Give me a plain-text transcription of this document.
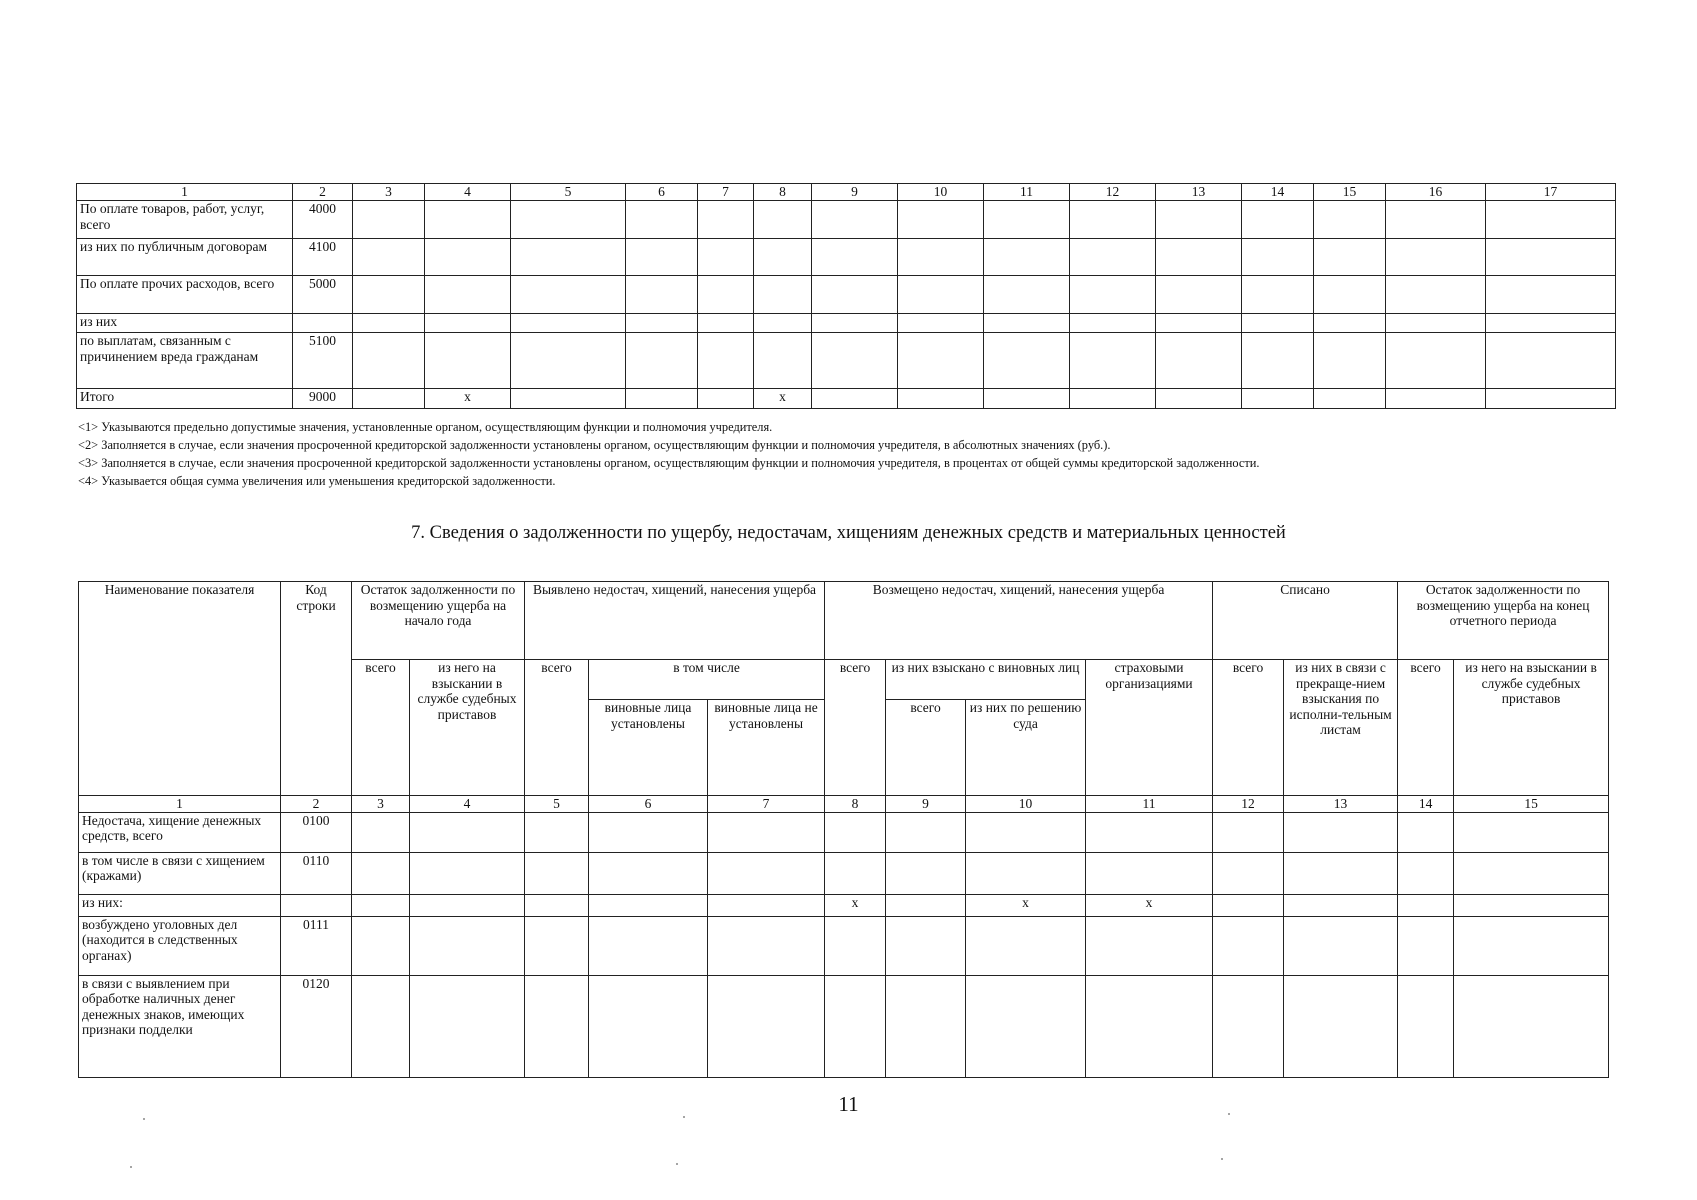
1	2	3	4	5	6	7	8	9	10	11	12	13	14	15	16	17
По оплате товаров, работ, услуг, всего	4000															
из них по публичным договорам	4100															
По оплате прочих расходов, всего	5000															
из них																
по выплатам, связанным с причинением вреда гражданам	5100															
Итого	9000		x				x									
<1> Указываются предельно допустимые значения, установленные органом, осуществляющим функции и полномочия учредителя.
<2> Заполняется в случае, если значения просроченной кредиторской задолженности установлены органом, осуществляющим функции и полномочия учредителя, в абсолютных значениях (руб.).
<3> Заполняется в случае, если значения просроченной кредиторской задолженности установлены органом, осуществляющим функции и полномочия учредителя, в процентах от общей суммы кредиторской задолженности.
<4> Указывается общая сумма увеличения или уменьшения кредиторской задолженности.
7. Сведения о задолженности по ущербу, недостачам, хищениям денежных средств и материальных ценностей
Наименование показателя	Код строки	Остаток задолженности по возмещению ущерба на начало года		Выявлено недостач, хищений, нанесения ущерба			Возмещено недостач, хищений, нанесения ущерба				Списано		Остаток задолженности по возмещению ущерба на конец отчетного периода	
		всего	из него на взыскании в службе судебных приставов	всего	в том числе		всего	из них взыскано с виновных лиц		страховыми организациями	всего	из них в связи с прекраще-нием взыскания по исполни-тельным листам	всего	из него на взыскании в службе судебных приставов
					виновные лица установлены	виновные лица не установлены		всего	из них по решению суда					
1	2	3	4	5	6	7	8	9	10	11	12	13	14	15
Недостача, хищение денежных средств, всего	0100													
в том числе в связи с хищением (кражами)	0110													
из них:							x		x	x				
возбуждено уголовных дел (находится в следственных органах)	0111													
в связи с выявлением при обработке наличных денег денежных знаков, имеющих признаки подделки	0120													
11
